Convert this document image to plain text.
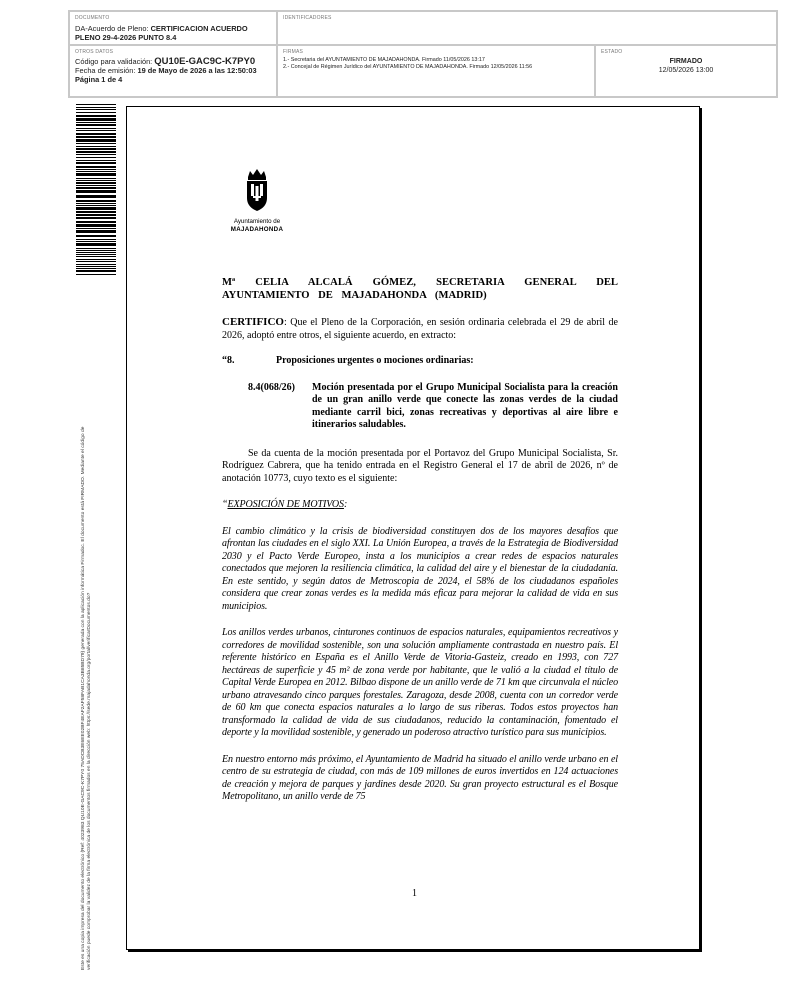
DOCUMENTO
DA-Acuerdo de Pleno: CERTIFICACION ACUERDO
PLENO 29-4-2026 PUNTO 8.4
IDENTIFICADORES
OTROS DATOS
Código para validación: QU10E-GAC9C-K7PY0
Fecha de emisión: 19 de Mayo de 2026 a las 12:50:03
Página 1 de 4
FIRMAS
1.- Secretaria del AYUNTAMIENTO DE MAJADAHONDA. Firmado 11/05/2026 13:17
2.- Concejal de Régimen Jurídico del AYUNTAMIENTO DE MAJADAHONDA. Firmado 12/05/2026 11:56
ESTADO
FIRMADO
12/05/2026 13:00
Este es una copia impresa del documento electrónico (Ref: 4023983 QU10E-GAC9C-K7PY0 75ADCB3E6EE02BF4EAF2AF58FAB1CA3B85BD79) generada con la aplicación informática Firmadoc. El documento está FIRMADO. Mediante el código de verificación puede comprobar la validez de la firma electrónica de los documentos firmados en la dirección web: https://sede.majadahonda.org/portal/verificarDocumentos.do?
Ayuntamiento de
MAJADAHONDA
Mª CELIA ALCALÁ GÓMEZ, SECRETARIA GENERAL DEL AYUNTAMIENTO DE MAJADAHONDA (MADRID)

CERTIFICO: Que el Pleno de la Corporación, en sesión ordinaria celebrada el 29 de abril de 2026, adoptó entre otros, el siguiente acuerdo, en extracto:

“8.	Proposiciones urgentes o mociones ordinarias:
8.4(068/26)	Moción presentada por el Grupo Municipal Socialista para la creación de un gran anillo verde que conecte las zonas verdes de la ciudad mediante carril bici, zonas recreativas y deportivas al aire libre e itinerarios saludables.

Se da cuenta de la moción presentada por el Portavoz del Grupo Municipal Socialista, Sr. Rodríguez Cabrera, que ha tenido entrada en el Registro General el 17 de abril de 2026, nº de anotación 10773, cuyo texto es el siguiente:

“EXPOSICIÓN DE MOTIVOS:

El cambio climático y la crisis de biodiversidad constituyen dos de los mayores desafíos que afrontan las ciudades en el siglo XXI. La Unión Europea, a través de la Estrategia de Biodiversidad 2030 y el Pacto Verde Europeo, insta a los municipios a crear redes de espacios naturales conectados que mejoren la resiliencia climática, la calidad del aire y el bienestar de la ciudadanía. En este sentido, y según datos de Metroscopia de 2024, el 58% de los ciudadanos españoles considera que crear zonas verdes es la medida más eficaz para mejorar la calidad de vida en sus municipios.

Los anillos verdes urbanos, cinturones continuos de espacios naturales, equipamientos recreativos y corredores de movilidad sostenible, son una solución ampliamente contrastada en nuestro país. El referente histórico en España es el Anillo Verde de Vitoria-Gasteiz, creado en 1993, con 727 hectáreas de superficie y 45 m² de zona verde por habitante, que le valió a la ciudad el título de Capital Verde Europea en 2012. Bilbao dispone de un anillo verde de 71 km que circunvala el núcleo urbano atravesando cinco parques forestales. Zaragoza, desde 2008, cuenta con un corredor verde de 60 km que conecta espacios naturales a lo largo de sus riberas. Todos estos proyectos han transformado la calidad de vida de sus ciudadanos, reducido la contaminación, fomentado el deporte y la movilidad sostenible, y generado un poderoso atractivo turístico para sus municipios.

En nuestro entorno más próximo, el Ayuntamiento de Madrid ha situado el anillo verde urbano en el centro de su estrategia de ciudad, con más de 109 millones de euros invertidos en 124 actuaciones de creación y mejora de parques y jardines desde 2020. Su gran proyecto estructural es el Bosque Metropolitano, un anillo verde de 75

1
